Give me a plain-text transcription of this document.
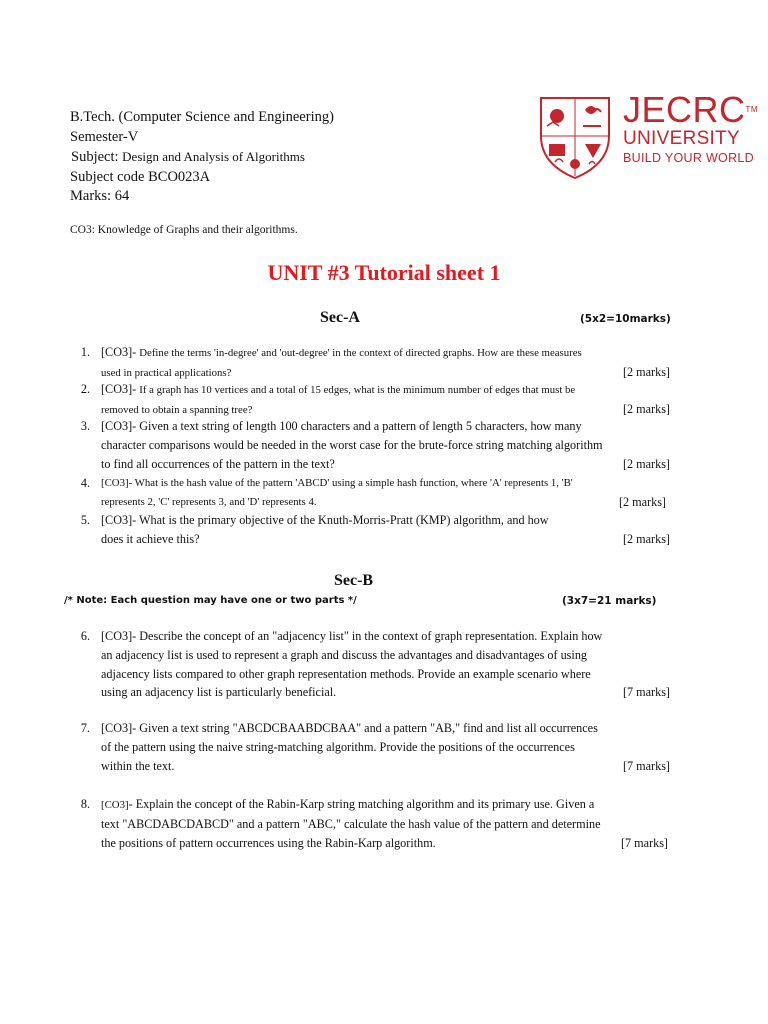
B.Tech. (Computer Science and Engineering)
Semester-V
Subject: Design and Analysis of Algorithms
Subject code BCO023A
Marks: 64
CO3: Knowledge of Graphs and their algorithms.
JECRC™
UNIVERSITY
BUILD YOUR WORLD
UNIT #3 Tutorial sheet 1
Sec-A	(5x2=10marks)
1. [CO3]- Define the terms 'in-degree' and 'out-degree' in the context of directed graphs. How are these measures
used in practical applications?	[2 marks]
2. [CO3]- If a graph has 10 vertices and a total of 15 edges, what is the minimum number of edges that must be
removed to obtain a spanning tree?	[2 marks]
3. [CO3]- Given a text string of length 100 characters and a pattern of length 5 characters, how many
character comparisons would be needed in the worst case for the brute-force string matching algorithm
to find all occurrences of the pattern in the text?	[2 marks]
4. [CO3]- What is the hash value of the pattern 'ABCD' using a simple hash function, where 'A' represents 1, 'B'
represents 2, 'C' represents 3, and 'D' represents 4.	[2 marks]
5. [CO3]- What is the primary objective of the Knuth-Morris-Pratt (KMP) algorithm, and how
does it achieve this?	[2 marks]
Sec-B
/* Note: Each question may have one or two parts */	(3x7=21 marks)
6. [CO3]- Describe the concept of an "adjacency list" in the context of graph representation. Explain how
an adjacency list is used to represent a graph and discuss the advantages and disadvantages of using
adjacency lists compared to other graph representation methods. Provide an example scenario where
using an adjacency list is particularly beneficial.	[7 marks]
7. [CO3]- Given a text string "ABCDCBAABDCBAA" and a pattern "AB," find and list all occurrences
of the pattern using the naive string-matching algorithm. Provide the positions of the occurrences
within the text.	[7 marks]
8. [CO3]- Explain the concept of the Rabin-Karp string matching algorithm and its primary use. Given a
text "ABCDABCDABCD" and a pattern "ABC," calculate the hash value of the pattern and determine
the positions of pattern occurrences using the Rabin-Karp algorithm.	[7 marks]
